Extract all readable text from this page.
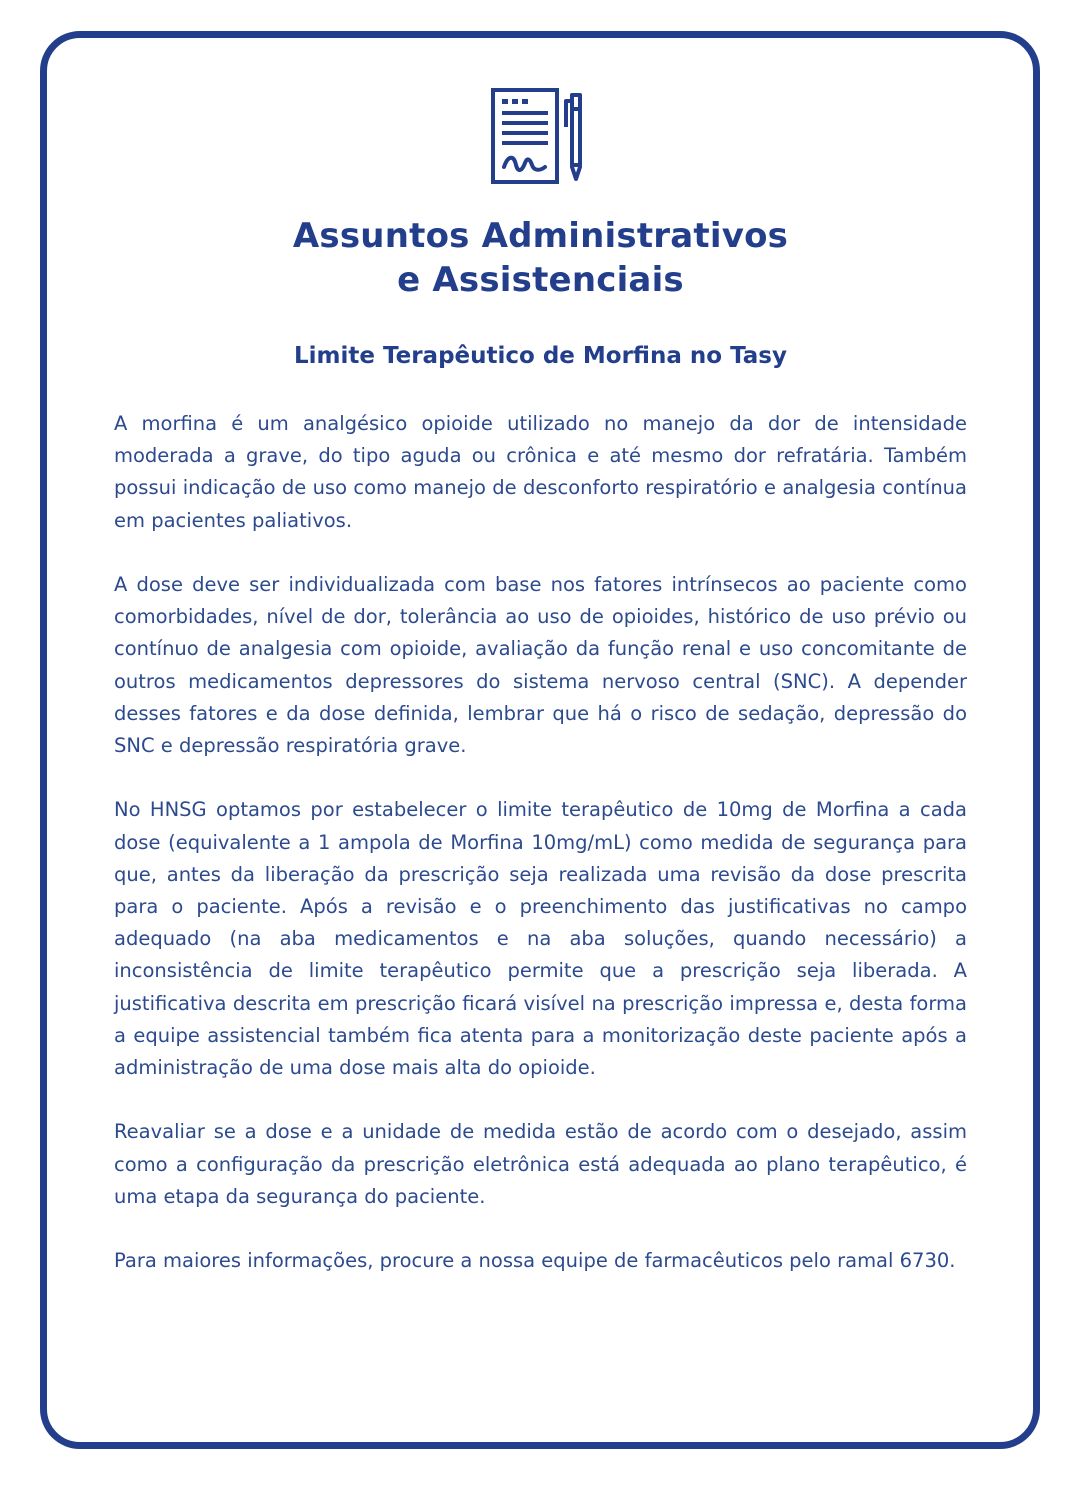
Assuntos Administrativos
e Assistenciais
Limite Terapêutico de Morfina no Tasy

A morfina é um analgésico opioide utilizado no manejo da dor de intensidade moderada a grave, do tipo aguda ou crônica e até mesmo dor refratária. Também possui indicação de uso como manejo de desconforto respiratório e analgesia contínua em pacientes paliativos.

A dose deve ser individualizada com base nos fatores intrínsecos ao paciente como comorbidades, nível de dor, tolerância ao uso de opioides, histórico de uso prévio ou contínuo de analgesia com opioide, avaliação da função renal e uso concomitante de outros medicamentos depressores do sistema nervoso central (SNC). A depender desses fatores e da dose definida, lembrar que há o risco de sedação, depressão do SNC e depressão respiratória grave.

No HNSG optamos por estabelecer o limite terapêutico de 10mg de Morfina a cada dose (equivalente a 1 ampola de Morfina 10mg/mL) como medida de segurança para que, antes da liberação da prescrição seja realizada uma revisão da dose prescrita para o paciente. Após a revisão e o preenchimento das justificativas no campo adequado (na aba medicamentos e na aba soluções, quando necessário) a inconsistência de limite terapêutico permite que a prescrição seja liberada. A justificativa descrita em prescrição ficará visível na prescrição impressa e, desta forma a equipe assistencial também fica atenta para a monitorização deste paciente após a administração de uma dose mais alta do opioide.

Reavaliar se a dose e a unidade de medida estão de acordo com o desejado, assim como a configuração da prescrição eletrônica está adequada ao plano terapêutico, é uma etapa da segurança do paciente.

Para maiores informações, procure a nossa equipe de farmacêuticos pelo ramal 6730.
